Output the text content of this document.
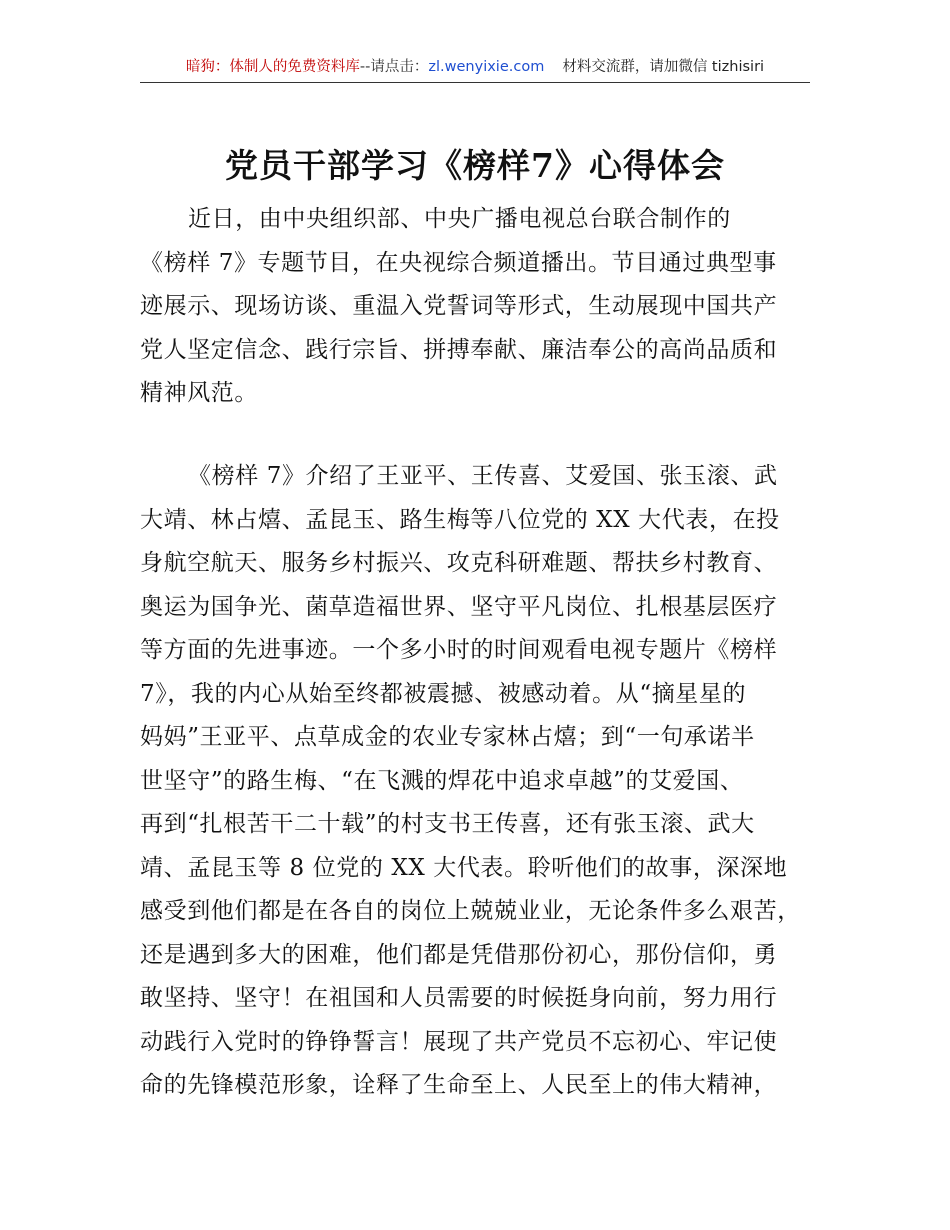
暗狗：体制人的免费资料库--请点击：zl.wenyixie.com 材料交流群，请加微信 tizhisiri
党员干部学习《榜样7》心得体会
近日，由中央组织部、中央广播电视总台联合制作的
《榜样 7》专题节目，在央视综合频道播出。节目通过典型事
迹展示、现场访谈、重温入党誓词等形式，生动展现中国共产
党人坚定信念、践行宗旨、拼搏奉献、廉洁奉公的高尚品质和
精神风范。
《榜样 7》介绍了王亚平、王传喜、艾爱国、张玉滚、武
大靖、林占熺、孟昆玉、路生梅等八位党的 XX 大代表，在投
身航空航天、服务乡村振兴、攻克科研难题、帮扶乡村教育、
奥运为国争光、菌草造福世界、坚守平凡岗位、扎根基层医疗
等方面的先进事迹。一个多小时的时间观看电视专题片《榜样
7》，我的内心从始至终都被震撼、被感动着。从“摘星星的
妈妈”王亚平、点草成金的农业专家林占熺；到“一句承诺半
世坚守”的路生梅、“在飞溅的焊花中追求卓越”的艾爱国、
再到“扎根苦干二十载”的村支书王传喜，还有张玉滚、武大
靖、孟昆玉等 8 位党的 XX 大代表。聆听他们的故事，深深地
感受到他们都是在各自的岗位上兢兢业业，无论条件多么艰苦，
还是遇到多大的困难，他们都是凭借那份初心，那份信仰，勇
敢坚持、坚守！在祖国和人员需要的时候挺身向前，努力用行
动践行入党时的铮铮誓言！展现了共产党员不忘初心、牢记使
命的先锋模范形象，诠释了生命至上、人民至上的伟大精神，
